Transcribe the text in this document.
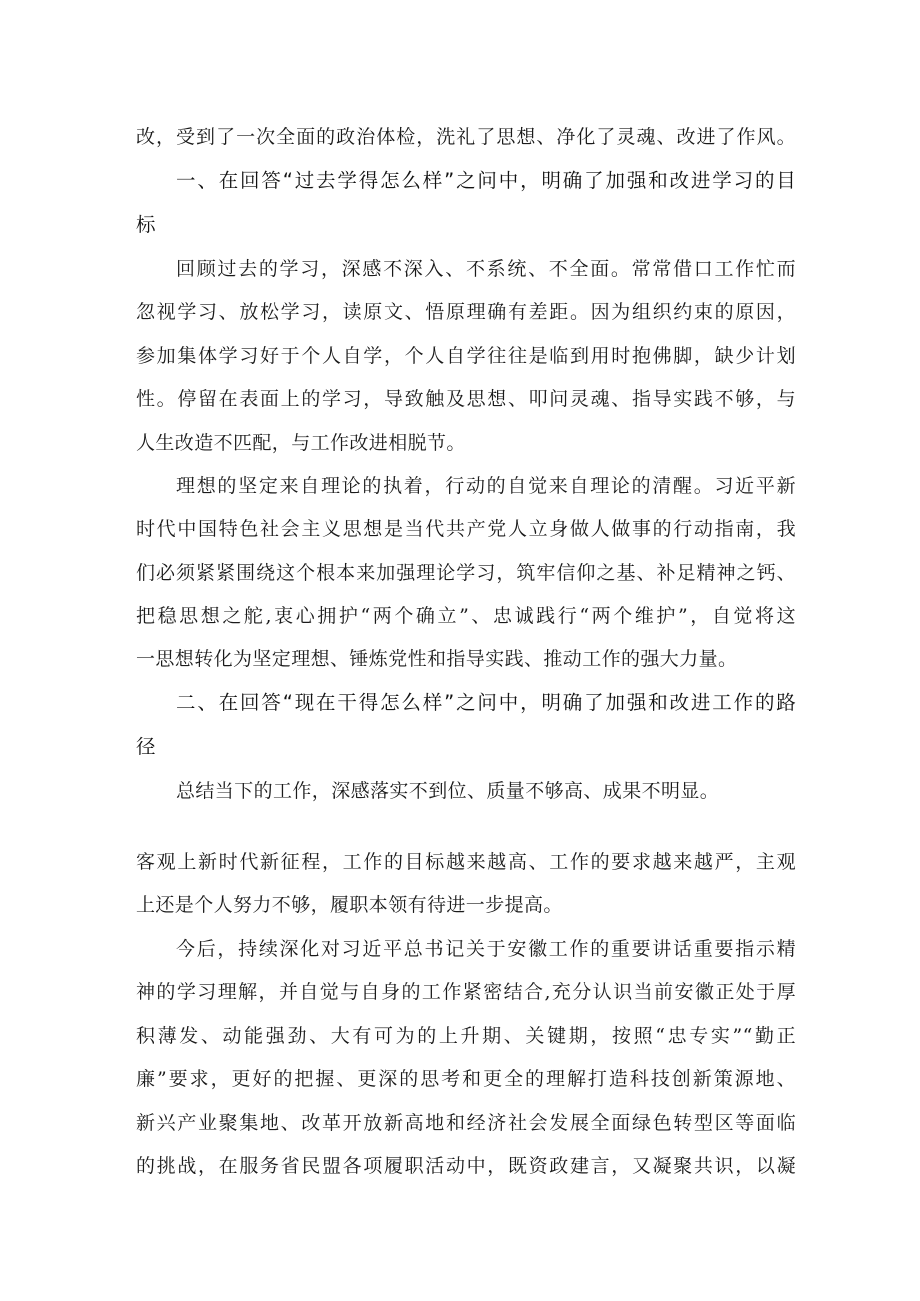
改，受到了一次全面的政治体检，洗礼了思想、净化了灵魂、改进了作风。
一、在回答“过去学得怎么样”之问中，明确了加强和改进学习的目
标
回顾过去的学习，深感不深入、不系统、不全面。常常借口工作忙而
忽视学习、放松学习，读原文、悟原理确有差距。因为组织约束的原因，
参加集体学习好于个人自学，个人自学往往是临到用时抱佛脚，缺少计划
性。停留在表面上的学习，导致触及思想、叩问灵魂、指导实践不够，与
人生改造不匹配，与工作改进相脱节。
理想的坚定来自理论的执着，行动的自觉来自理论的清醒。习近平新
时代中国特色社会主义思想是当代共产党人立身做人做事的行动指南，我
们必须紧紧围绕这个根本来加强理论学习，筑牢信仰之基、补足精神之钙、
把稳思想之舵,衷心拥护“两个确立”、忠诚践行“两个维护”，自觉将这
一思想转化为坚定理想、锤炼党性和指导实践、推动工作的强大力量。
二、在回答“现在干得怎么样”之问中，明确了加强和改进工作的路
径
总结当下的工作，深感落实不到位、质量不够高、成果不明显。
客观上新时代新征程，工作的目标越来越高、工作的要求越来越严，主观
上还是个人努力不够，履职本领有待进一步提高。
今后，持续深化对习近平总书记关于安徽工作的重要讲话重要指示精
神的学习理解，并自觉与自身的工作紧密结合,充分认识当前安徽正处于厚
积薄发、动能强劲、大有可为的上升期、关键期，按照“忠专实”“勤正
廉”要求，更好的把握、更深的思考和更全的理解打造科技创新策源地、
新兴产业聚集地、改革开放新高地和经济社会发展全面绿色转型区等面临
的挑战，在服务省民盟各项履职活动中，既资政建言，又凝聚共识，以凝
